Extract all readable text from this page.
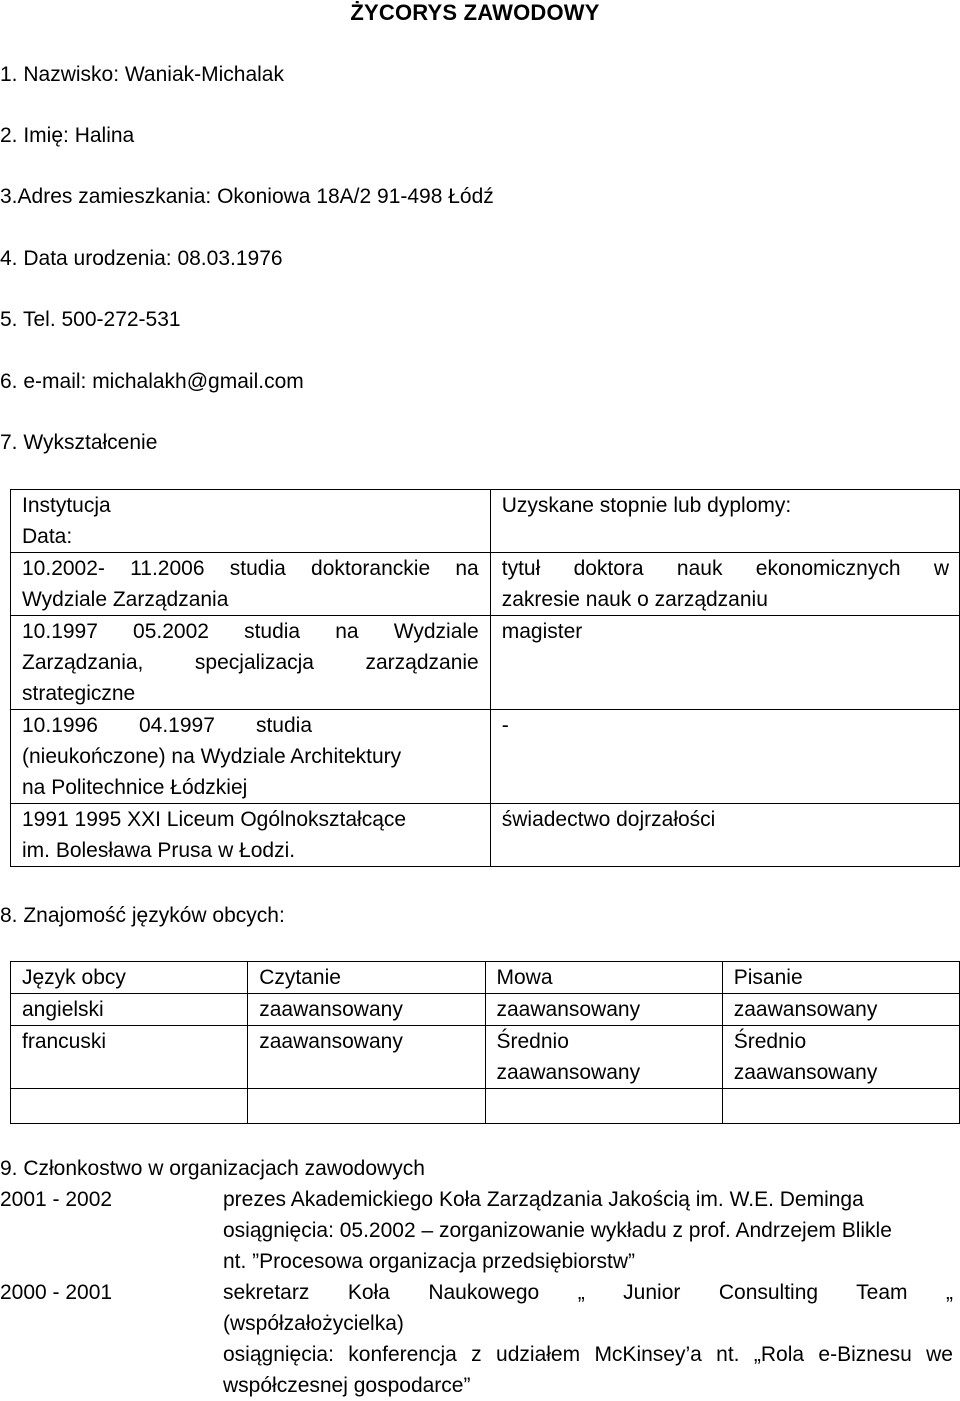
ŻYCORYS ZAWODOWY
1. Nazwisko: Waniak-Michalak
2. Imię: Halina
3.Adres zamieszkania: Okoniowa 18A/2 91-498 Łódź
4. Data urodzenia: 08.03.1976
5. Tel. 500-272-531
6. e-mail: michalakh@gmail.com
7. Wykształcenie
Instytucja
Data:	Uzyskane stopnie lub dyplomy:

10.2002- 11.2006 studia doktoranckie na
Wydziale Zarządzania	tytuł doktora nauk ekonomicznych w
zakresie nauk o zarządzaniu

10.1997 05.2002 studia na Wydziale
Zarządzania, specjalizacja zarządzanie
strategiczne	magister

10.1996 04.1997 studia
(nieukończone) na Wydziale Architektury
na Politechnice Łódzkiej	-

1991 1995 XXI Liceum Ogólnokształcące
im. Bolesława Prusa w Łodzi.	świadectwo dojrzałości
8. Znajomość języków obcych:
Język obcy	Czytanie	Mowa	Pisanie
angielski	zaawansowany	zaawansowany	zaawansowany
francuski	zaawansowany	Średnio zaawansowany	Średnio zaawansowany

9. Członkostwo w organizacjach zawodowych
2001 - 2002	prezes Akademickiego Koła Zarządzania Jakością im. W.E. Deminga
osiągnięcia: 05.2002 – zorganizowanie wykładu z prof. Andrzejem Blikle
nt. ”Procesowa organizacja przedsiębiorstw”
2000 - 2001	sekretarz Koła Naukowego „ Junior Consulting Team „
(współzałożycielka)
osiągnięcia: konferencja z udziałem McKinsey’a nt. „Rola e-Biznesu we
współczesnej gospodarce”
